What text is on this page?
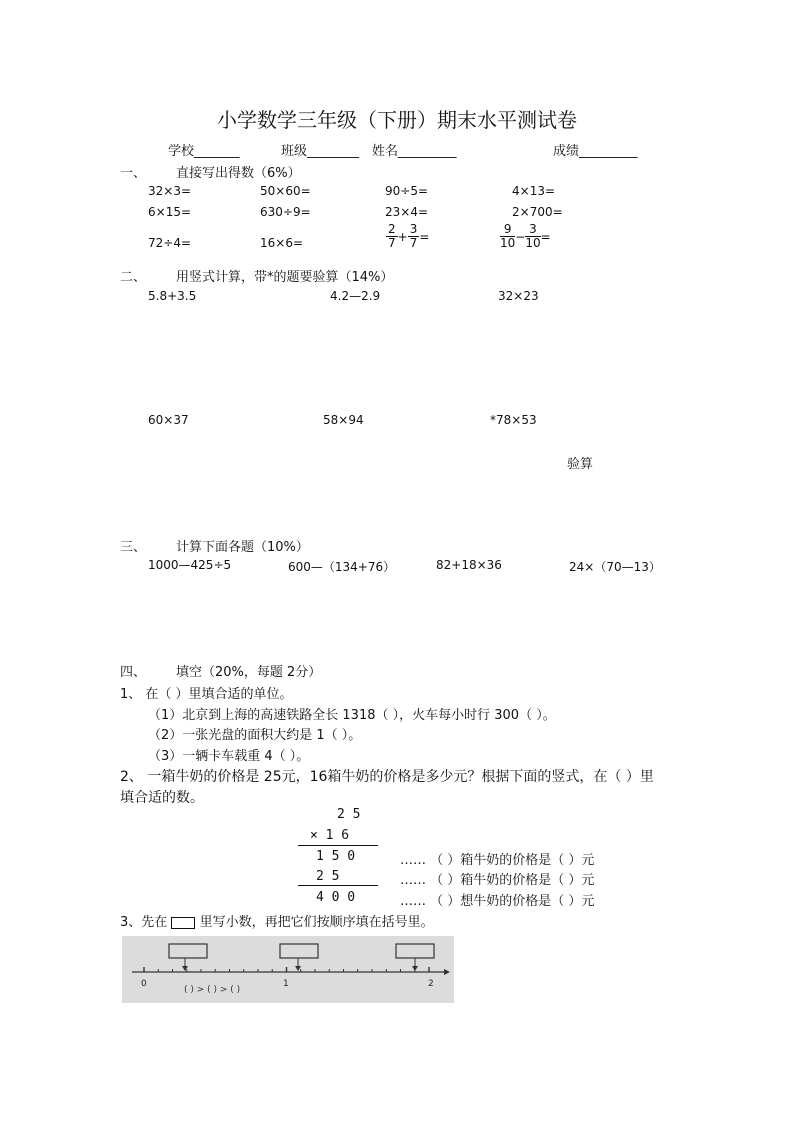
小学数学三年级（下册）期末水平测试卷
学校_______	班级________ 姓名_________	成绩_________
一、 直接写出得数（6%）
32×3=	50×60=	90÷5=	4×13=
6×15=	630÷9=	23×4=	2×700=
72÷4=	16×6=	$\frac{2}{7} + \frac{3}{7}$ =	$\frac{9}{10} - \frac{3}{10}$ =
二、 用竖式计算，带*的题要验算（14%）
5.8+3.5	4.2—2.9	32×23
60×37	58×94	*78×53
验算
三、 计算下面各题（10%）
1000—425÷5	600—（134+76）	82+18×36	24×（70—13）
四、 填空（20%，每题 2分）
1、 在（ ）里填合适的单位。
（1）北京到上海的高速铁路全长 1318（ ），火车每小时行 300（ ）。
（2）一张光盘的面积大约是 1（ ）。
（3）一辆卡车载重 4（ ）。
2、 一箱牛奶的价格是 25元，16箱牛奶的价格是多少元？根据下面的竖式，在（ ）里
填合适的数。
2 5
× 1 6
1 5 0
2 5
4 0 0
…… （ ）箱牛奶的价格是（ ）元
…… （ ）箱牛奶的价格是（ ）元
…… （ ）想牛奶的价格是（ ）元
3、先在 里写小数，再把它们按顺序填在括号里。
0	1	2
( ) > ( ) > ( )
